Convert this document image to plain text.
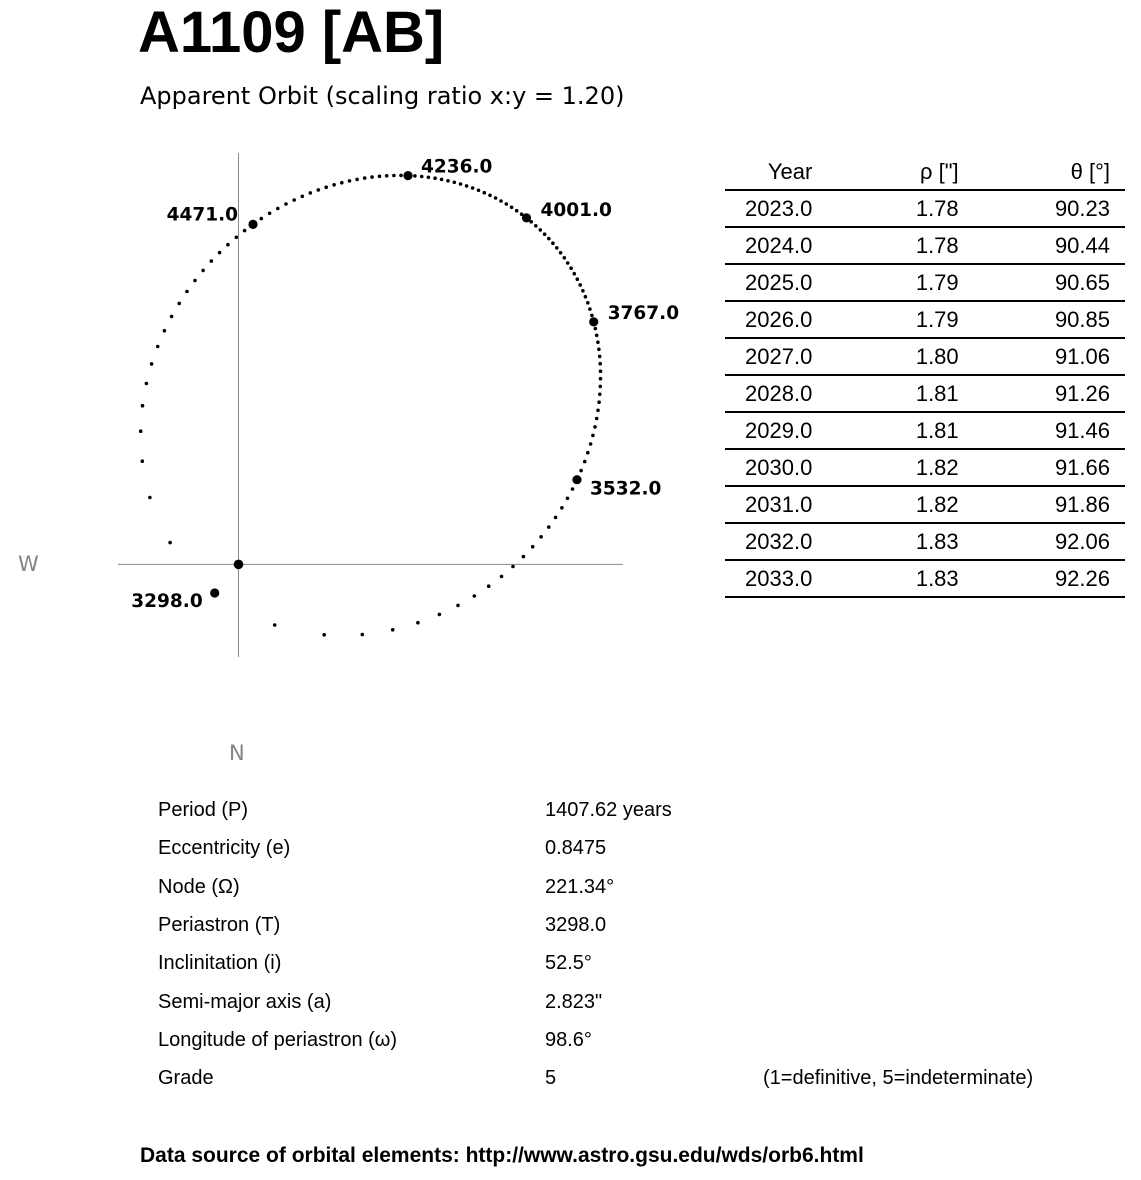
A1109 [AB]
Apparent Orbit (scaling ratio x:y = 1.20)
W
N
3298.0
3532.0
3767.0
4001.0
4236.0
4471.0
Year	ρ ["]	θ [°]
2023.0	1.78	90.23
2024.0	1.78	90.44
2025.0	1.79	90.65
2026.0	1.79	90.85
2027.0	1.80	91.06
2028.0	1.81	91.26
2029.0	1.81	91.46
2030.0	1.82	91.66
2031.0	1.82	91.86
2032.0	1.83	92.06
2033.0	1.83	92.26
Period (P)	1407.62 years
Eccentricity (e)	0.8475
Node (Ω)	221.34°
Periastron (T)	3298.0
Inclinitation (i)	52.5°
Semi-major axis (a)	2.823"
Longitude of periastron (ω)	98.6°
Grade	5	(1=definitive, 5=indeterminate)
Data source of orbital elements: http://www.astro.gsu.edu/wds/orb6.html
